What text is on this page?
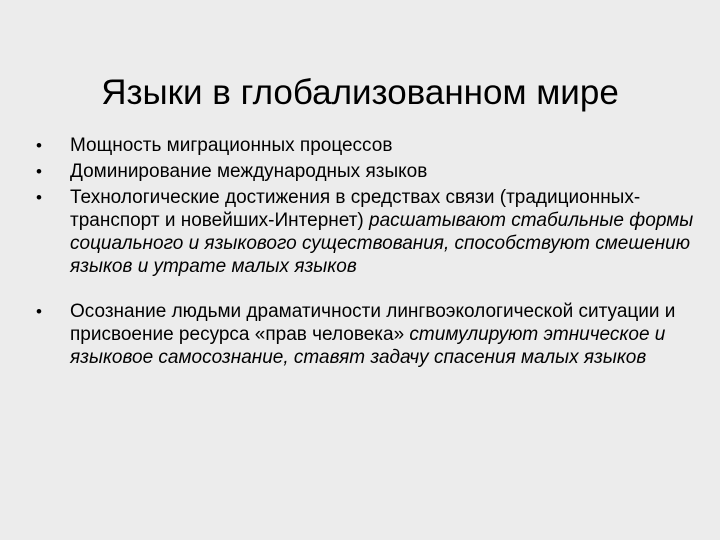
Языки в глобализованном мире
•	Мощность миграционных процессов
•	Доминирование международных языков
•	Технологические достижения в средствах связи (традиционных-транспорт и новейших-Интернет) расшатывают стабильные формы социального и языкового существования, способствуют смешению языков и утрате малых языков
•	Осознание людьми драматичности лингвоэкологической ситуации и присвоение ресурса «прав человека» стимулируют этническое и языковое самосознание, ставят задачу спасения малых языков
